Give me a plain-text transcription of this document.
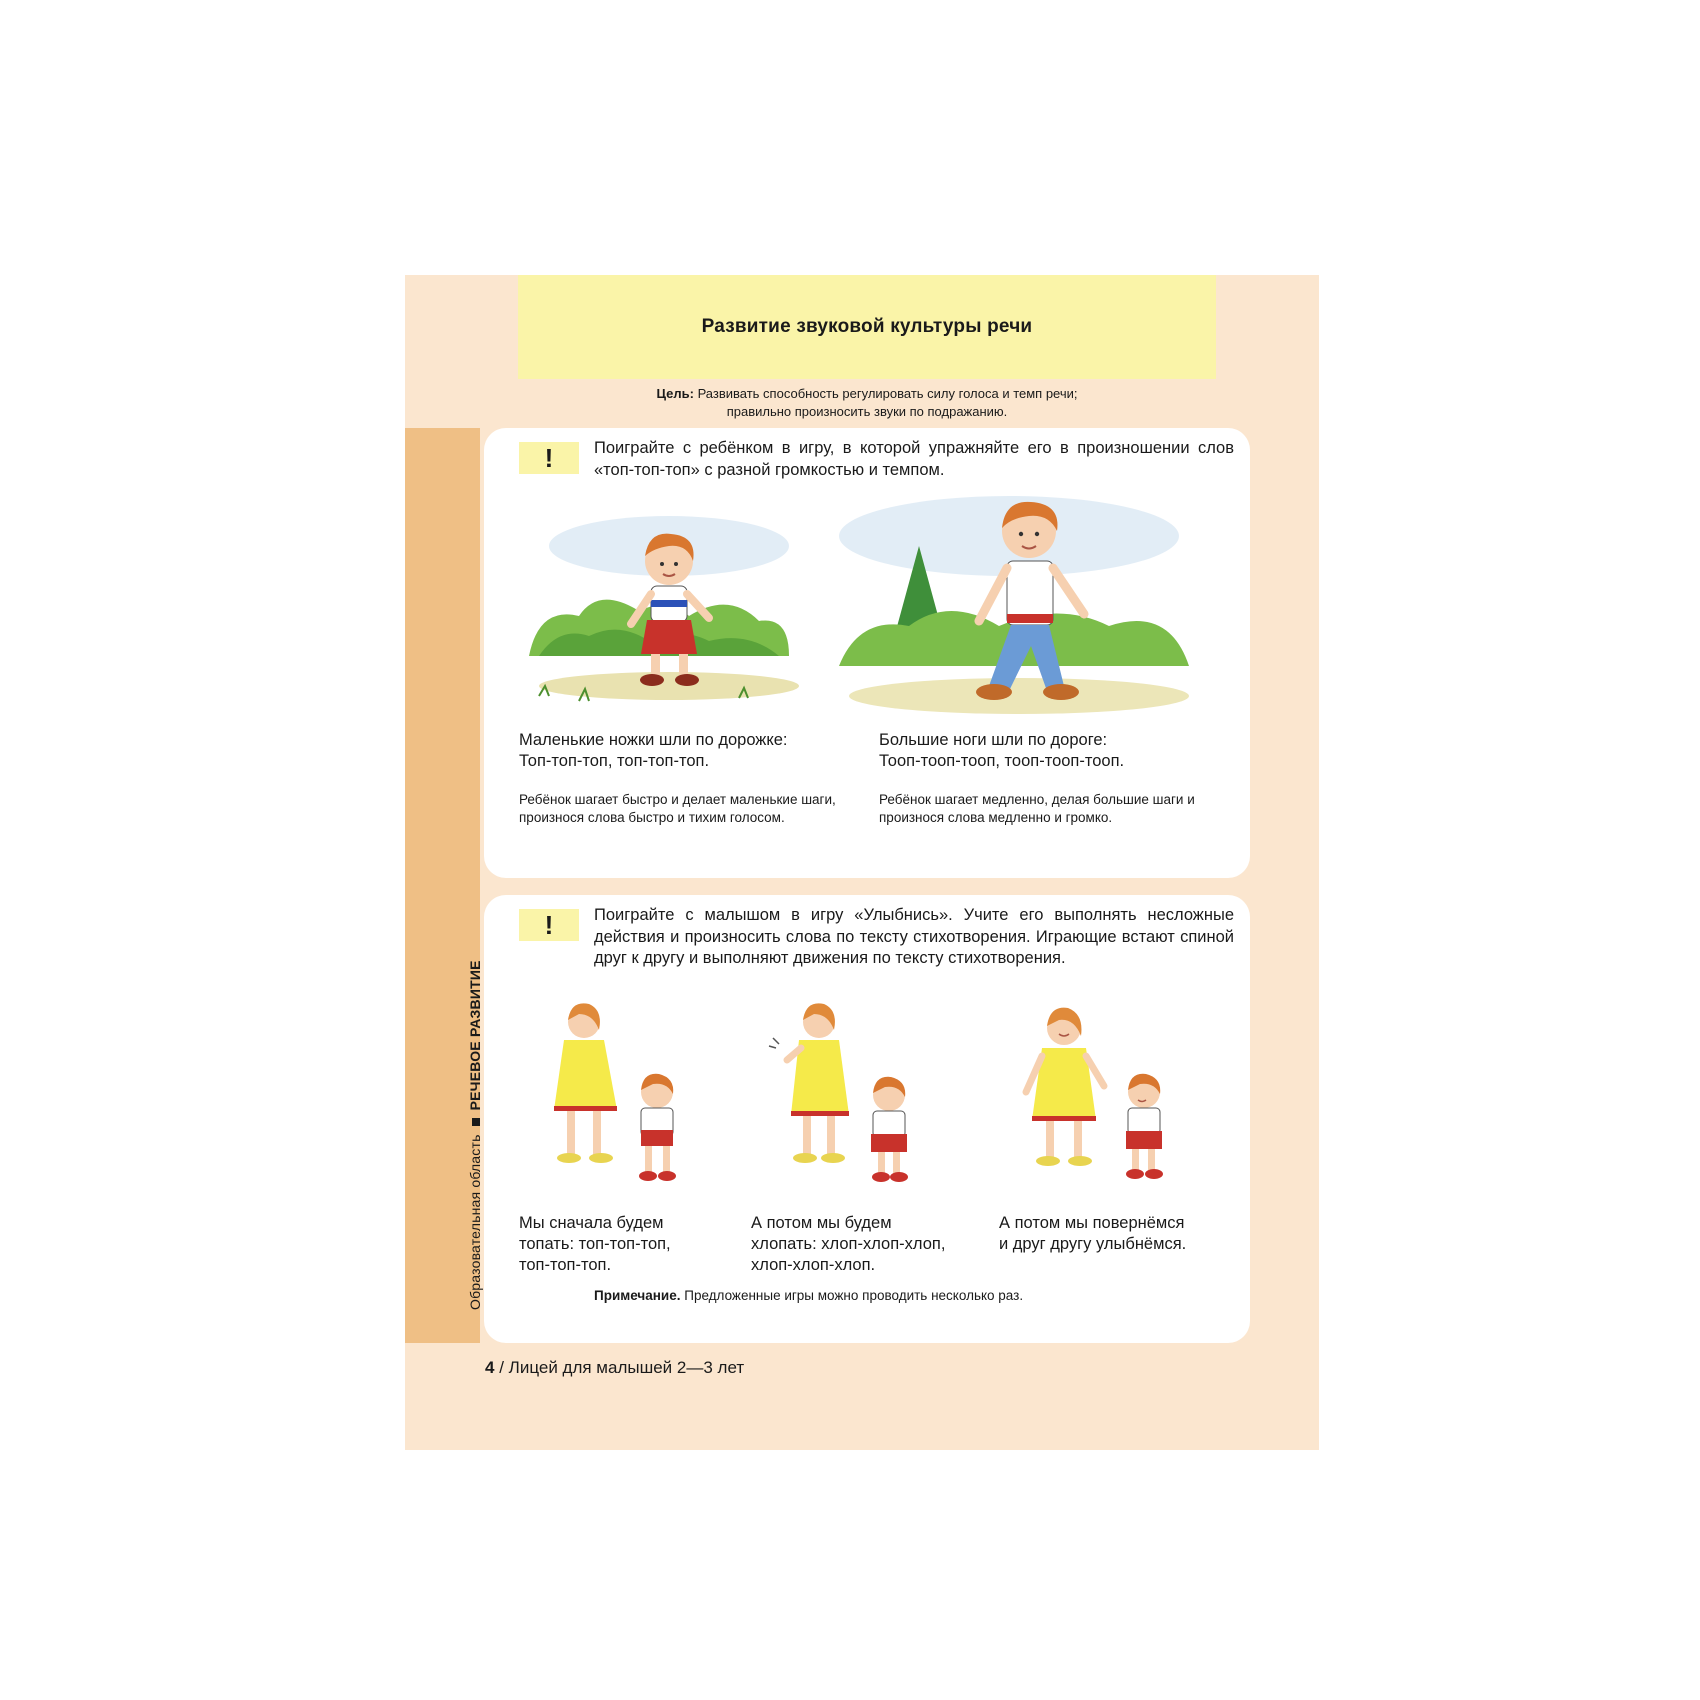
Развитие звуковой культуры речи
Цель: Развивать способность регулировать силу голоса и темп речи;
правильно произносить звуки по подражанию.
Образовательная областьРЕЧЕВОЕ РАЗВИТИЕ
!	Поиграйте с ребёнком в игру, в которой упражняйте его в произношении слов «топ-топ-топ» с разной громкостью и темпом.
Маленькие ножки шли по дорожке:
Топ-топ-топ, топ-топ-топ.
Большие ноги шли по дороге:
Тооп-тооп-тооп, тооп-тооп-тооп.
Ребёнок шагает быстро и делает маленькие шаги, произнося слова быстро и тихим голосом.
Ребёнок шагает медленно, делая большие шаги и произнося слова медленно и громко.
!	Поиграйте с малышом в игру «Улыбнись». Учите его выполнять несложные действия и произносить слова по тексту стихотворения. Играющие встают спиной друг к другу и выполняют движения по тексту стихотворения.
Мы сначала будем
топать: топ-топ-топ,
топ-топ-топ.
А потом мы будем
хлопать: хлоп-хлоп-хлоп,
хлоп-хлоп-хлоп.
А потом мы повернёмся
и друг другу улыбнёмся.
Примечание. Предложенные игры можно проводить несколько раз.
4 / Лицей для малышей 2—3 лет
